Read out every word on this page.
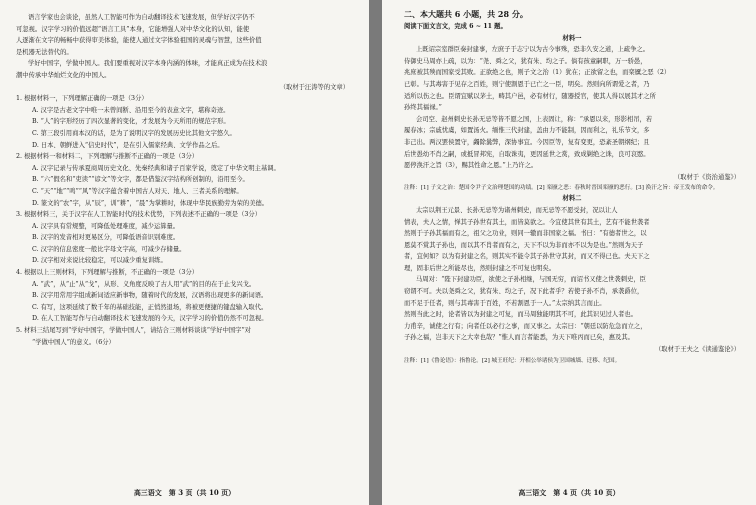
语言学家也会谈论，虽然人工智能可作为自动翻译技术飞速发展，但学好汉字仍不
可忽视。汉字学习的价值远超“语言工具”本身，它能增强人对中华文化的认知，能使
人逐渐在文字的畅畅中获得审美体验，能使人通过文字体验祖国的灵魂与智慧，这些价值
是机器无法替代的。
学好中国字，学做中国人。我们要重视对汉字本身内涵的体味，才能真正成为在技术浪
潮中传承中华灿烂文化的中国人。
（取材于汪涛等的文章）
1. 根据材料一，下列理解正确的一项是（3分）
A. 汉字是古老文字中唯一未曾间断、沿用至今的表意文字，堪称奇迹。
B. “人”的字形经历了四次显著的变化，才发展为今天所用的规范字形。
C. 第三段引用商本汉的话，是为了说明汉字的发展历史比其他文字悠久。
D. 日本、朝鲜进入“信史时代”，是在引入儒家经典、文学作品之后。
2. 根据材料一和材料二，下列理解与推断不正确的一项是（3分）
A. 汉字记录与传承夏商周历史文化、先秦经典和诸子百家学说，奠定了中华文明主基调。
B. “六”假名和“吏读”“谚文”等文字，都是借鉴汉字结构所创制的，沿用至今。
C. “天”“地”“鸣”“风”等汉字蕴含着中国古人对天、地人、三者关系的理解。
D. 篆文的“农”字，从“辰”，训“耕”，“晨”为掌耕时，体现中华民族勤劳为荣的美德。
3. 根据材料三，关于汉字在人工智能时代的技术优势，下列表述不正确的一项是（3分）
A. 汉字具有常规整，可降低处理难度，减少运算量。
B. 汉字的发音相对更易区分，可降低语音识别难度。
C. 汉字的信息密度一般比字母文字高，可减少存储量。
D. 汉字相对来说比较稳定，可以减少重复训练。
4. 根据以上三则材料，下列理解与推断，不正确的一项是（3分）
A. “武”，从“止”从“戈”，从形、义角度反映了古人用“武”的目的在于止戈兴戈。
B. 汉字用常用字组成新词适应新事物，随着时代的发展，汉语将出现更多的新词语。
C. 有写，这项延续了数千年的基础技能，正悄然退场，将被更便捷的键盘输入取代。
D. 在人工智能写作与自动翻译技术飞速发展的今天，汉字学习的价值仍然不可忽视。
5. 材料三结尾写到“学好中国字，学做中国人”，请结合三则材料谈谈“学好中国字”对
“学做中国人”的意义。（6分）
高三语文　第 3 页（共 10 页）
二、本大题共 6 小题，共 28 分。
阅读下面文言文，完成 6 ~ 11 题。
材料一
上既诏宗室群臣奏封建事，左庶子于志宁以为古今事殊，恐非久安之道，上疏争之。
侍御史马周亦上疏，以为：“尧、舜之父，犹有朱、均之子。倘有孩童嗣职，万一骄愚，
兆庶被其殃而国家受其败。正欲绝之也，则子文之治（1）犹在；正欲留之也，而栾黡之恶（2）
已彰。与其毒害于见存之百姓，则宁使割恩于已亡之一臣，明矣。然则向所谓爱之者，乃
适所以伤之也。臣谓宜赋以茅土，畴其户邑，必有材行，随器授官，使其人得以展其才之所
孙终其福禄。”
会司空、赵州刺史长孙无忌等皆不愿之国，上表固让，称：“承恩以来，形影相吊，若
履春冰；宗戚忧虞，如置汤火。缅惟三代封建，盖由力不能制，因而利之，礼乐节文，多
非己出。两汉罢侯置守，蠲除曩弊，深协事宜。今因臣等，复有变更，恐紊圣朝纲纪；且
后世愚幼不肖之嗣，或抵冒邦宪，自取诛夷，更因延世之赏，致成剿绝之诛，良可哀愍。
愿停涣汗之旨（3），赐其性命之恩。”上乃许之。
（取材于《资治通鉴》）
注释：[1] 子文之治：楚国令尹子文治理楚国的功绩。[2] 栾黡之恶：春秋时晋国栾黡的恶行。[3] 涣汗之旨：帝王发布的命令。
材料二
太宗以荆王元景、长孙无忌等为诸州刺史，而无忌等不愿受封，况以让人
情表，夫人之情，惮其子孙世有其土，而皆莫欲之。今宜使其世有其土，艺有不能世袭者
然则于子孙其福而有之，祖父之功业，则同一辙而非国家之福。书曰：“有德者世之，以
恩莫不赏其子孙也，而以其不肖者而有之，天下不以为非而亦不以为是也。”然则为天子
者，宜何如？以为有封建之名，则其实不能令其子孙世守其封，而又不得已也。夫天下之
理，固非后世之所能尽也，然则封建之不可复也明矣。
马周对：“陛下封建功臣，欲使之子孙相继，与国无穷，而诏书又使之世袭刺史，臣
窃谓不可。夫以尧舜之父，犹有朱、均之子，况下此者乎？若使子孙不肖，承袭爵位，
而不足于任者，则与其毒害于百姓，不若割恩于一人。”太宗纳其言而止。
然则当此之时，论者皆以为封建之可复，而马周独能明其不可，此其识见过人者也。
力甫辛，诚使之行有；向者任以必行之事，而又事之。太宗曰：“朝廷以防危急而立之，
子孙之福，岂非天下之大幸也哉？”惟人而言者能悉，为天下唯丙而已矣，惠及其。
（取材于王夫之《读通鉴论》）
注释：[1]《鲁论语》：指鲁论。[2] 城王旺纪：开相公举诸侯为卫国城墙、迁移、纪国。
高三语文　第 4 页（共 10 页）
